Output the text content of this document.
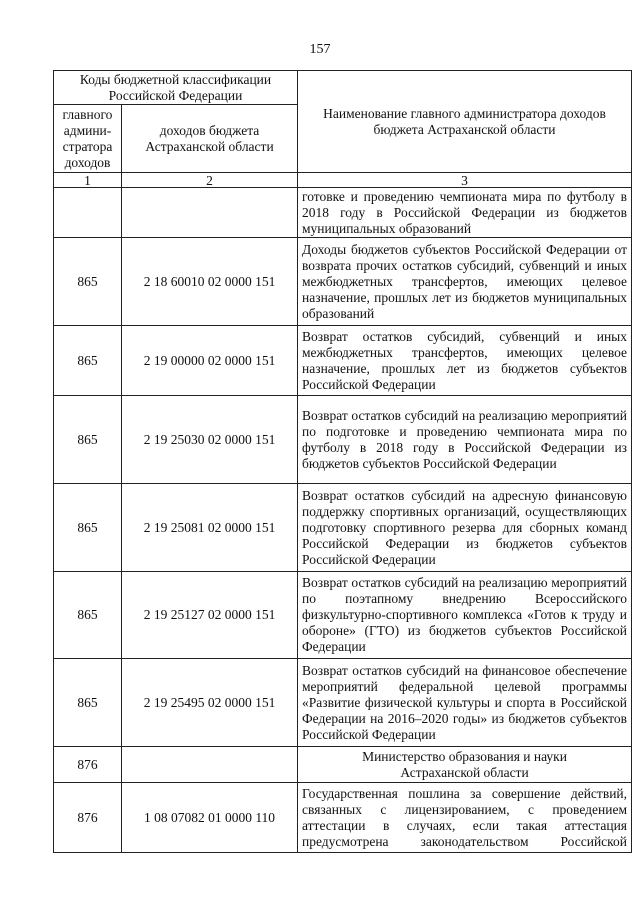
157
Коды бюджетной классификации Российской Федерации		Наименование главного администратора доходов бюджета Астраханской области
главного админи-стратора доходов	доходов бюджета Астраханской области	
1	2	3
		готовке и проведению чемпионата мира по футболу в 2018 году в Российской Федерации из бюджетов муниципальных образований
865	2 18 60010 02 0000 151	Доходы бюджетов субъектов Российской Федерации от возврата прочих остатков субсидий, субвенций и иных межбюджетных трансфертов, имеющих целевое назначение, прошлых лет из бюджетов муниципальных образований
865	2 19 00000 02 0000 151	Возврат остатков субсидий, субвенций и иных межбюджетных трансфертов, имеющих целевое назначение, прошлых лет из бюджетов субъектов Российской Федерации
865	2 19 25030 02 0000 151	Возврат остатков субсидий на реализацию мероприятий по подготовке и проведению чемпионата мира по футболу в 2018 году в Российской Федерации из бюджетов субъектов Российской Федерации
865	2 19 25081 02 0000 151	Возврат остатков субсидий на адресную финансовую поддержку спортивных организаций, осуществляющих подготовку спортивного резерва для сборных команд Российской Федерации из бюджетов субъектов Российской Федерации
865	2 19 25127 02 0000 151	Возврат остатков субсидий на реализацию мероприятий по поэтапному внедрению Всероссийского физкультурно-спортивного комплекса «Готов к труду и обороне» (ГТО) из бюджетов субъектов Российской Федерации
865	2 19 25495 02 0000 151	Возврат остатков субсидий на финансовое обеспечение мероприятий федеральной целевой программы «Развитие физической культуры и спорта в Российской Федерации на 2016–2020 годы» из бюджетов субъектов Российской Федерации
876		Министерство образования и науки Астраханской области
876	1 08 07082 01 0000 110	Государственная пошлина за совершение действий, связанных с лицензированием, с проведением аттестации в случаях, если такая аттестация предусмотрена законодательством Российской
